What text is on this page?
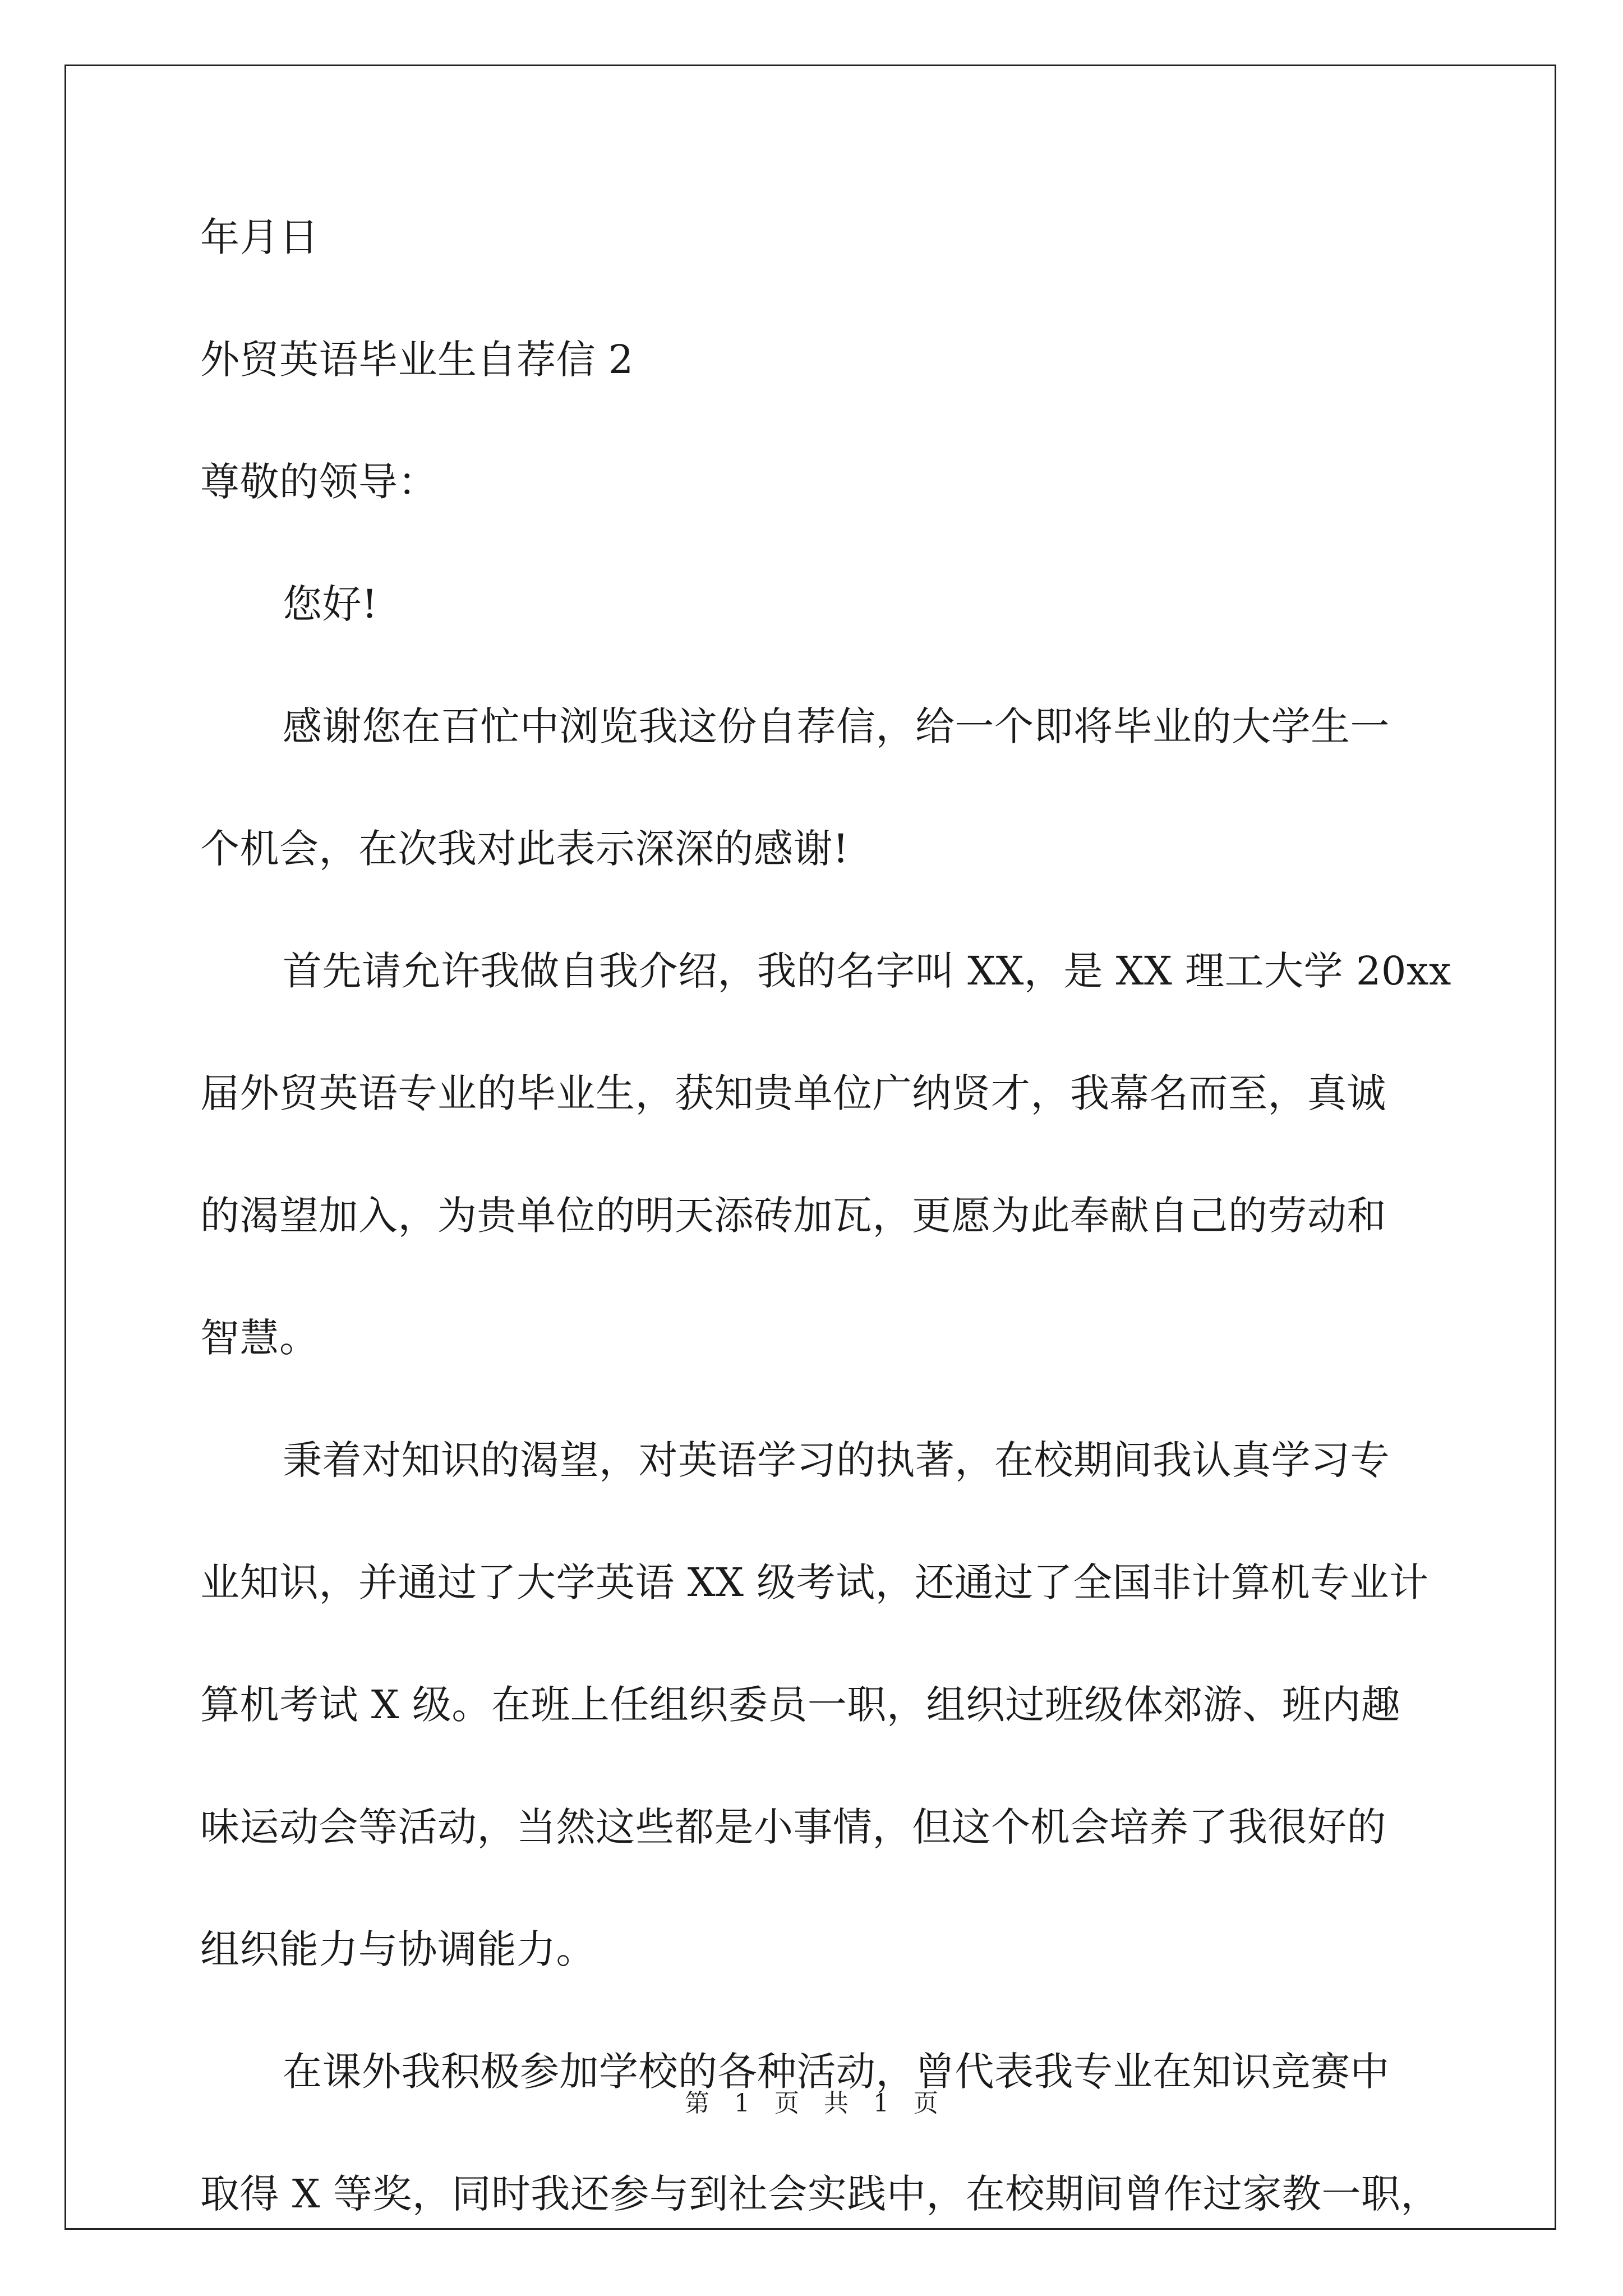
年月日
外贸英语毕业生自荐信 2
尊敬的领导：
您好!
感谢您在百忙中浏览我这份自荐信，给一个即将毕业的大学生一
个机会，在次我对此表示深深的感谢!
首先请允许我做自我介绍，我的名字叫 XX，是 XX 理工大学 20xx
届外贸英语专业的毕业生，获知贵单位广纳贤才，我幕名而至，真诚
的渴望加入，为贵单位的明天添砖加瓦，更愿为此奉献自己的劳动和
智慧。
秉着对知识的渴望，对英语学习的执著，在校期间我认真学习专
业知识，并通过了大学英语 XX 级考试，还通过了全国非计算机专业计
算机考试 X 级。在班上任组织委员一职，组织过班级体郊游、班内趣
味运动会等活动，当然这些都是小事情，但这个机会培养了我很好的
组织能力与协调能力。
在课外我积极参加学校的各种活动，曾代表我专业在知识竞赛中
取得 X 等奖，同时我还参与到社会实践中，在校期间曾作过家教一职，
第 1 页 共 1 页
